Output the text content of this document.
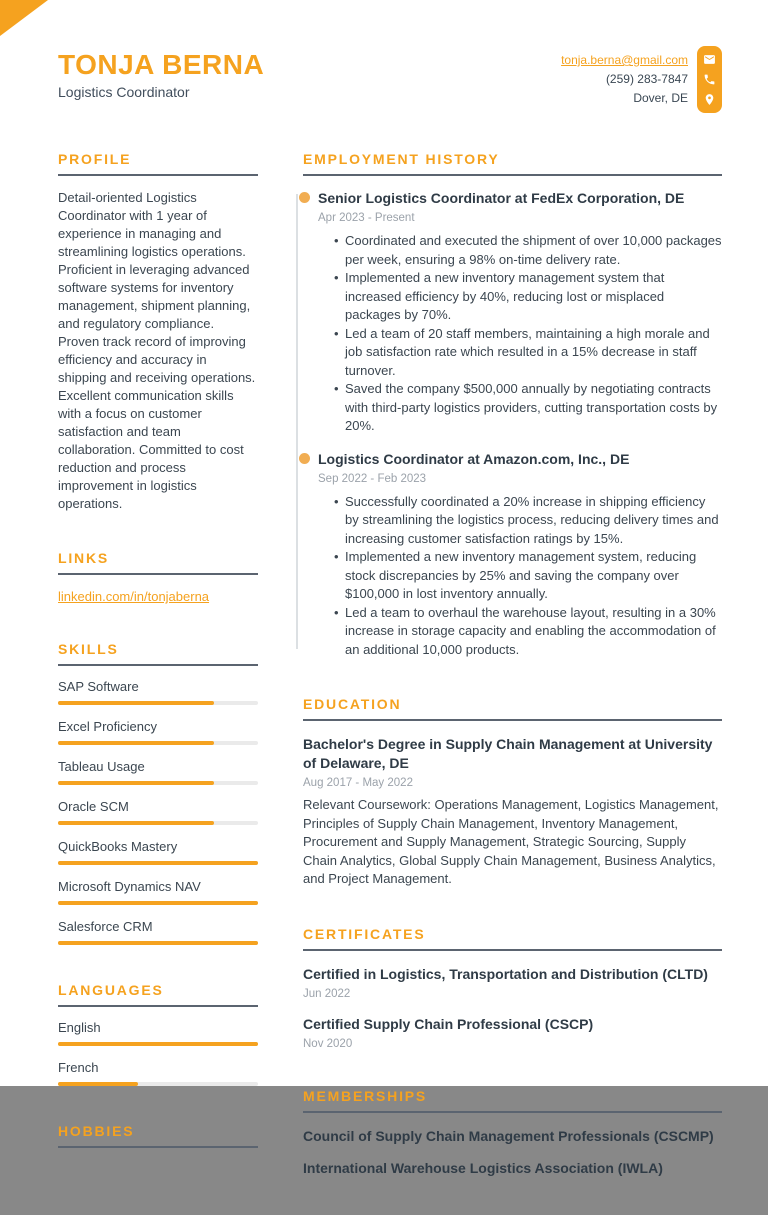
TONJA BERNA
Logistics Coordinator
tonja.berna@gmail.com
(259) 283-7847
Dover, DE
PROFILE

Detail-oriented Logistics Coordinator with 1 year of experience in managing and streamlining logistics operations. Proficient in leveraging advanced software systems for inventory management, shipment planning, and regulatory compliance. Proven track record of improving efficiency and accuracy in shipping and receiving operations. Excellent communication skills with a focus on customer satisfaction and team collaboration. Committed to cost reduction and process improvement in logistics operations.

LINKS
linkedin.com/in/tonjaberna
SKILLS
SAP Software
Excel Proficiency
Tableau Usage
Oracle SCM
QuickBooks Mastery
Microsoft Dynamics NAV
Salesforce CRM
LANGUAGES
English
French
HOBBIES
EMPLOYMENT HISTORY
Senior Logistics Coordinator at FedEx Corporation, DE
Apr 2023 - Present
• Coordinated and executed the shipment of over 10,000 packages per week, ensuring a 98% on-time delivery rate.
• Implemented a new inventory management system that increased efficiency by 40%, reducing lost or misplaced packages by 70%.
• Led a team of 20 staff members, maintaining a high morale and job satisfaction rate which resulted in a 15% decrease in staff turnover.
• Saved the company $500,000 annually by negotiating contracts with third-party logistics providers, cutting transportation costs by 20%.
Logistics Coordinator at Amazon.com, Inc., DE
Sep 2022 - Feb 2023
• Successfully coordinated a 20% increase in shipping efficiency by streamlining the logistics process, reducing delivery times and increasing customer satisfaction ratings by 15%.
• Implemented a new inventory management system, reducing stock discrepancies by 25% and saving the company over $100,000 in lost inventory annually.
• Led a team to overhaul the warehouse layout, resulting in a 30% increase in storage capacity and enabling the accommodation of an additional 10,000 products.
EDUCATION
Bachelor's Degree in Supply Chain Management at University of Delaware, DE
Aug 2017 - May 2022

Relevant Coursework: Operations Management, Logistics Management, Principles of Supply Chain Management, Inventory Management, Procurement and Supply Management, Strategic Sourcing, Supply Chain Analytics, Global Supply Chain Management, Business Analytics, and Project Management.

CERTIFICATES
Certified in Logistics, Transportation and Distribution (CLTD)
Jun 2022
Certified Supply Chain Professional (CSCP)
Nov 2020
MEMBERSHIPS
Council of Supply Chain Management Professionals (CSCMP)
International Warehouse Logistics Association (IWLA)
